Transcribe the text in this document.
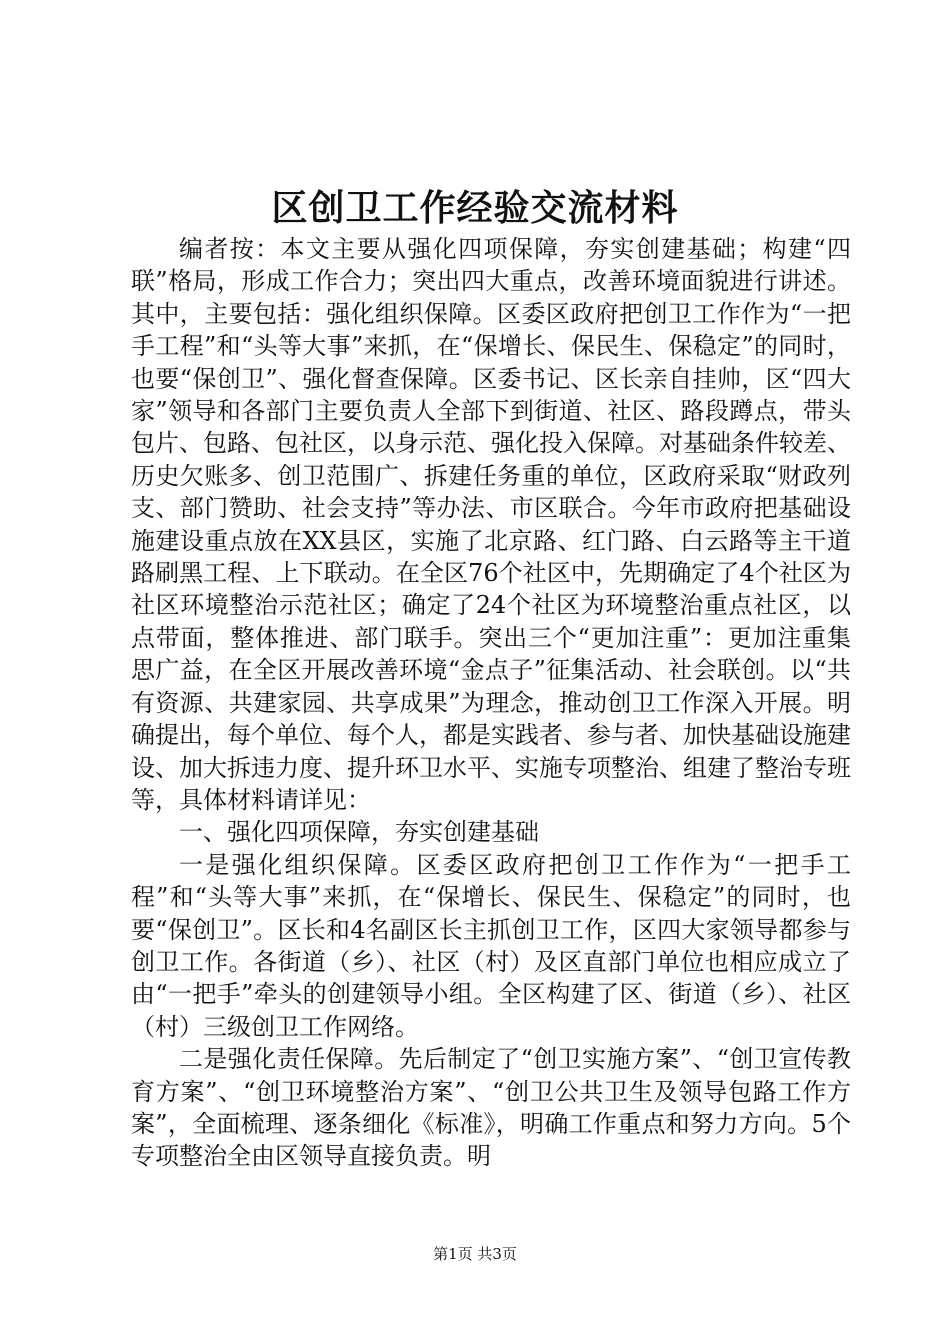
区创卫工作经验交流材料

编者按：本文主要从强化四项保障，夯实创建基础；构建“四联”格局，形成工作合力；突出四大重点，改善环境面貌进行讲述。其中，主要包括：强化组织保障。区委区政府把创卫工作作为“一把手工程”和“头等大事”来抓，在“保增长、保民生、保稳定”的同时，也要“保创卫”、强化督查保障。区委书记、区长亲自挂帅，区“四大家”领导和各部门主要负责人全部下到街道、社区、路段蹲点，带头包片、包路、包社区，以身示范、强化投入保障。对基础条件较差、历史欠账多、创卫范围广、拆建任务重的单位，区政府采取“财政列支、部门赞助、社会支持”等办法、市区联合。今年市政府把基础设施建设重点放在XX县区，实施了北京路、红门路、白云路等主干道路刷黑工程、上下联动。在全区76个社区中，先期确定了4个社区为社区环境整治示范社区；确定了24个社区为环境整治重点社区，以点带面，整体推进、部门联手。突出三个“更加注重”：更加注重集思广益，在全区开展改善环境“金点子”征集活动、社会联创。以“共有资源、共建家园、共享成果”为理念，推动创卫工作深入开展。明确提出，每个单位、每个人，都是实践者、参与者、加快基础设施建设、加大拆违力度、提升环卫水平、实施专项整治、组建了整治专班等，具体材料请详见：

一、强化四项保障，夯实创建基础

一是强化组织保障。区委区政府把创卫工作作为“一把手工程”和“头等大事”来抓，在“保增长、保民生、保稳定”的同时，也要“保创卫”。区长和4名副区长主抓创卫工作，区四大家领导都参与创卫工作。各街道（乡）、社区（村）及区直部门单位也相应成立了由“一把手”牵头的创建领导小组。全区构建了区、街道（乡）、社区（村）三级创卫工作网络。

二是强化责任保障。先后制定了“创卫实施方案”、“创卫宣传教育方案”、“创卫环境整治方案”、“创卫公共卫生及领导包路工作方案”，全面梳理、逐条细化《标准》，明确工作重点和努力方向。5个专项整治全由区领导直接负责。明

第1页 共3页
